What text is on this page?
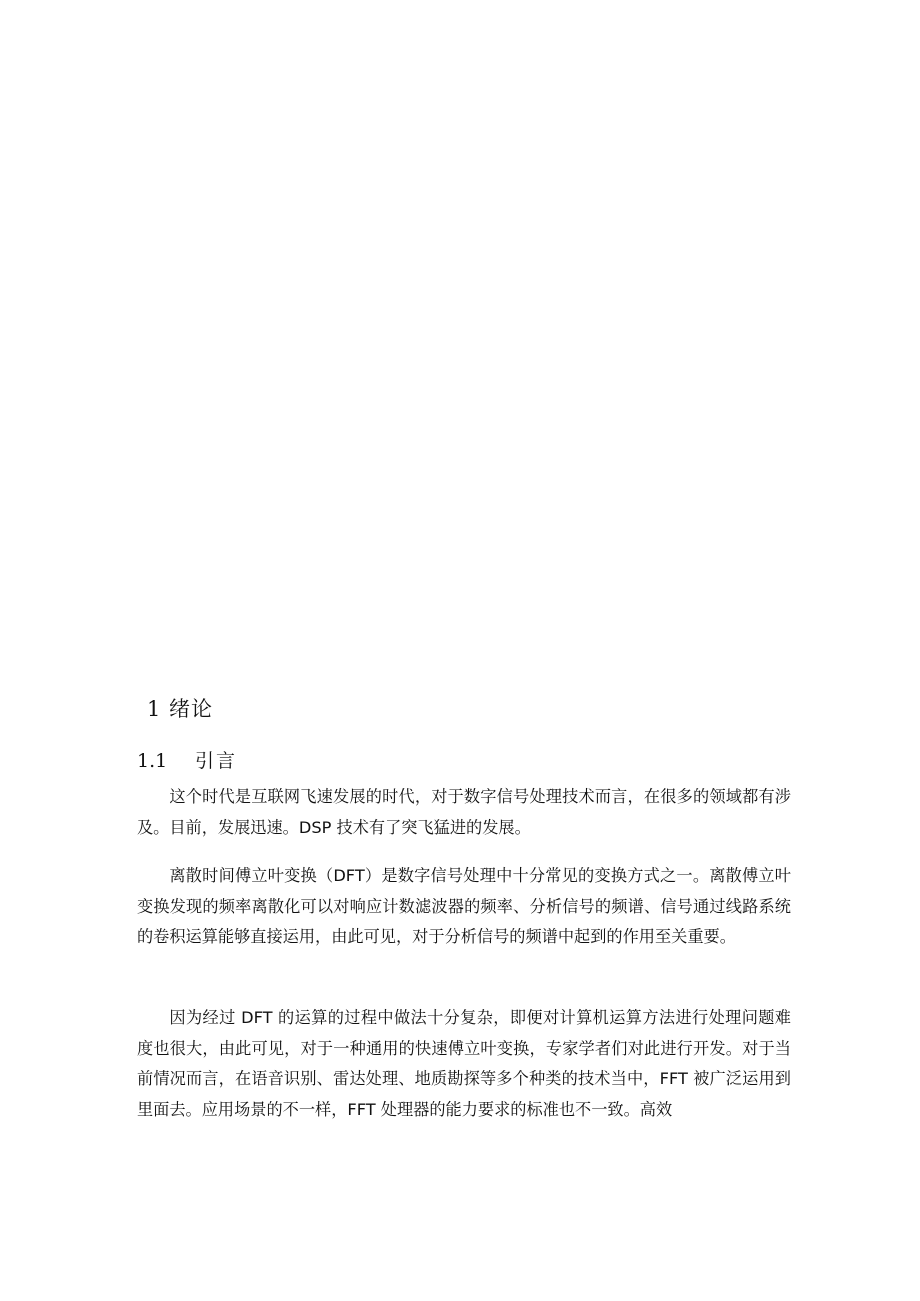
1 绪论
1.1 引言

这个时代是互联网飞速发展的时代，对于数字信号处理技术而言，在很多的领域都有涉及。目前，发展迅速。DSP 技术有了突飞猛进的发展。

离散时间傅立叶变换（DFT）是数字信号处理中十分常见的变换方式之一。离散傅立叶变换发现的频率离散化可以对响应计数滤波器的频率、分析信号的频谱、信号通过线路系统的卷积运算能够直接运用，由此可见，对于分析信号的频谱中起到的作用至关重要。

因为经过 DFT 的运算的过程中做法十分复杂，即便对计算机运算方法进行处理问题难度也很大，由此可见，对于一种通用的快速傅立叶变换，专家学者们对此进行开发。对于当前情况而言，在语音识别、雷达处理、地质勘探等多个种类的技术当中，FFT 被广泛运用到里面去。应用场景的不一样，FFT 处理器的能力要求的标准也不一致。高效
